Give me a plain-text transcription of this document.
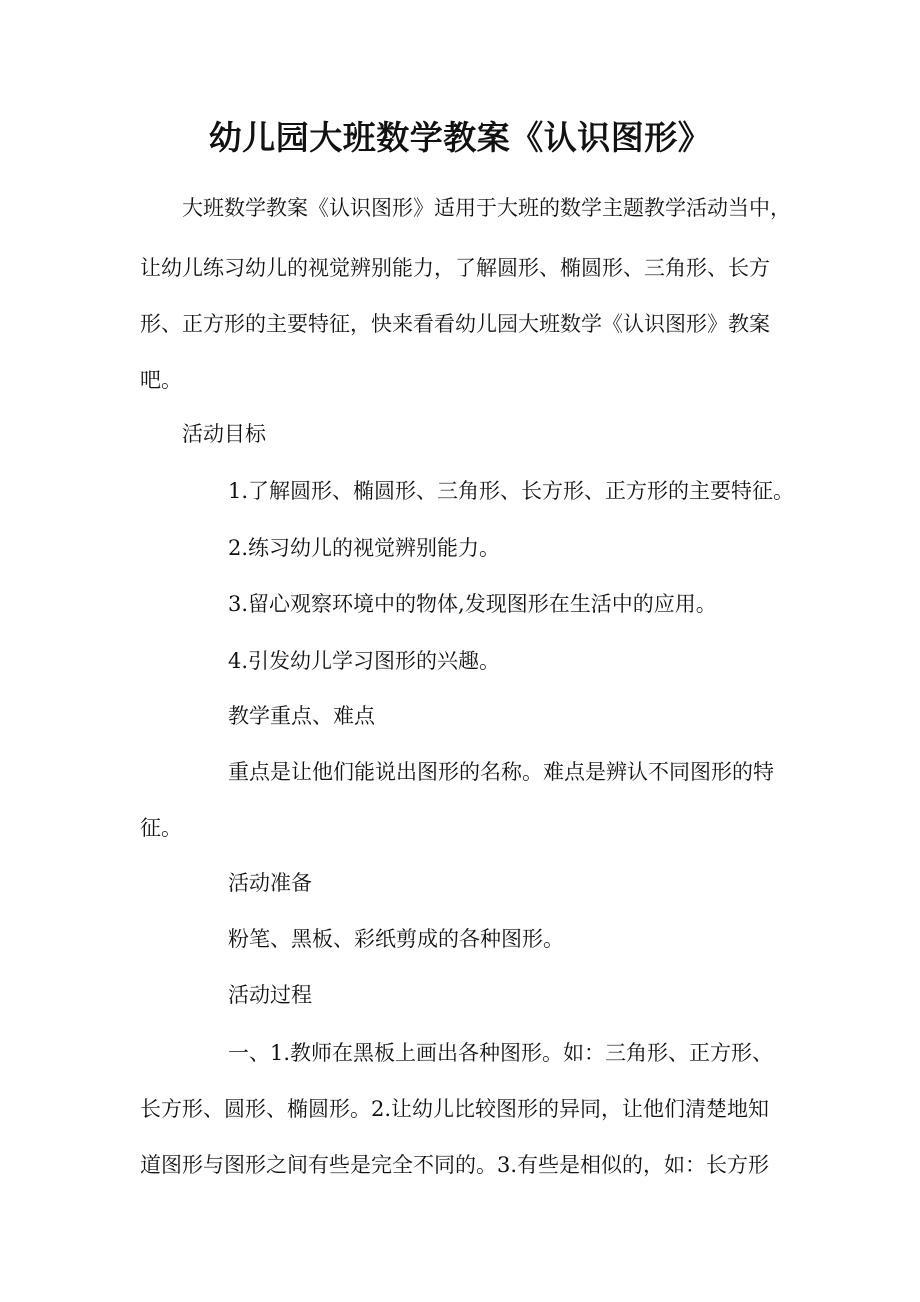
幼儿园大班数学教案《认识图形》

大班数学教案《认识图形》适用于大班的数学主题教学活动当中，

让幼儿练习幼儿的视觉辨别能力，了解圆形、椭圆形、三角形、长方

形、正方形的主要特征，快来看看幼儿园大班数学《认识图形》教案

吧。

活动目标

1.了解圆形、椭圆形、三角形、长方形、正方形的主要特征。

2.练习幼儿的视觉辨别能力。

3.留心观察环境中的物体,发现图形在生活中的应用。

4.引发幼儿学习图形的兴趣。

教学重点、难点

重点是让他们能说出图形的名称。难点是辨认不同图形的特

征。

活动准备

粉笔、黑板、彩纸剪成的各种图形。

活动过程

一、1.教师在黑板上画出各种图形。如：三角形、正方形、

长方形、圆形、椭圆形。2.让幼儿比较图形的异同，让他们清楚地知

道图形与图形之间有些是完全不同的。3.有些是相似的，如：长方形
